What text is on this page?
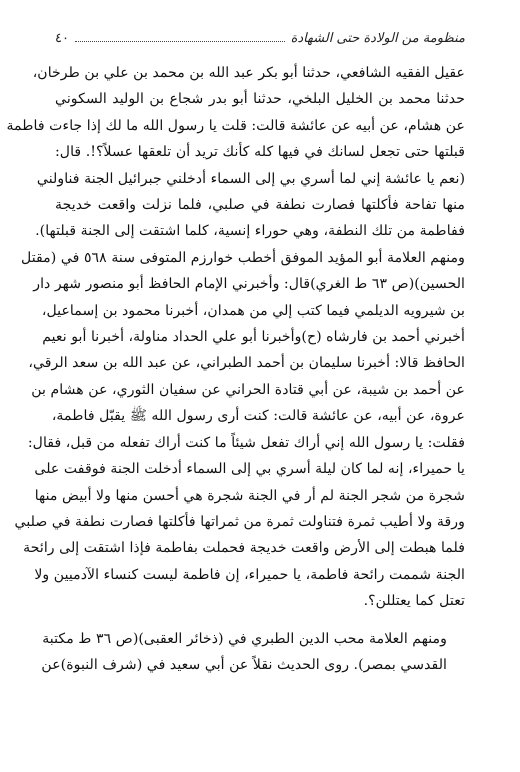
منظومة من الولادة حتى الشهادة
٤٠

عقيل الفقيه الشافعي، حدثنا أبو بكر عبد الله بن محمد بن علي بن طرخان،
حدثنا محمد بن الخليل البلخي، حدثنا أبو بدر شجاع بن الوليد السكوني
عن هشام، عن أبيه عن عائشة قالت: قلت يا رسول الله ما لك إذا جاءت فاطمة
قبلتها حتى تجعل لسانك في فيها كله كأنك تريد أن تلعقها عسلاً؟!. قال:
(نعم يا عائشة إني لما أسري بي إلى السماء أدخلني جبرائيل الجنة فناولني
منها تفاحة فأكلتها فصارت نطفة في صلبي، فلما نزلت واقعت خديجة
ففاطمة من تلك النطفة، وهي حوراء إنسية، كلما اشتقت إلى الجنة قبلتها).
ومنهم العلامة أبو المؤيد الموفق أخطب خوارزم المتوفى سنة ٥٦٨ في (مقتل
الحسين)(ص ٦٣ ط الغري)قال: وأخبرني الإمام الحافظ أبو منصور شهر دار
بن شيرويه الديلمي فيما كتب إلي من همدان، أخبرنا محمود بن إسماعيل،
أخبرني أحمد بن فارشاه (ح)وأخبرنا أبو علي الحداد مناولة، أخبرنا أبو نعيم
الحافظ قالا: أخبرنا سليمان بن أحمد الطبراني، عن عبد الله بن سعد الرقي،
عن أحمد بن شيبة، عن أبي قتادة الحراني عن سفيان الثوري، عن هشام بن
عروة، عن أبيه، عن عائشة قالت: كنت أرى رسول الله ﷺ يقبّل فاطمة،
فقلت: يا رسول الله إني أراك تفعل شيئاً ما كنت أراك تفعله من قبل، فقال:
يا حميراء، إنه لما كان ليلة أسري بي إلى السماء أدخلت الجنة فوقفت على
شجرة من شجر الجنة لم أر في الجنة شجرة هي أحسن منها ولا أبيض منها
ورقة ولا أطيب ثمرة فتناولت ثمرة من ثمراتها فأكلتها فصارت نطفة في صلبي
فلما هبطت إلى الأرض واقعت خديجة فحملت بفاطمة فإذا اشتقت إلى رائحة
الجنة شممت رائحة فاطمة، يا حميراء، إن فاطمة ليست كنساء الآدميين ولا
تعتل كما يعتللن؟.

ومنهم العلامة محب الدين الطبري في (ذخائر العقبى)(ص ٣٦ ط مكتبة
القدسي بمصر). روى الحديث نقلاً عن أبي سعيد في (شرف النبوة)عن
